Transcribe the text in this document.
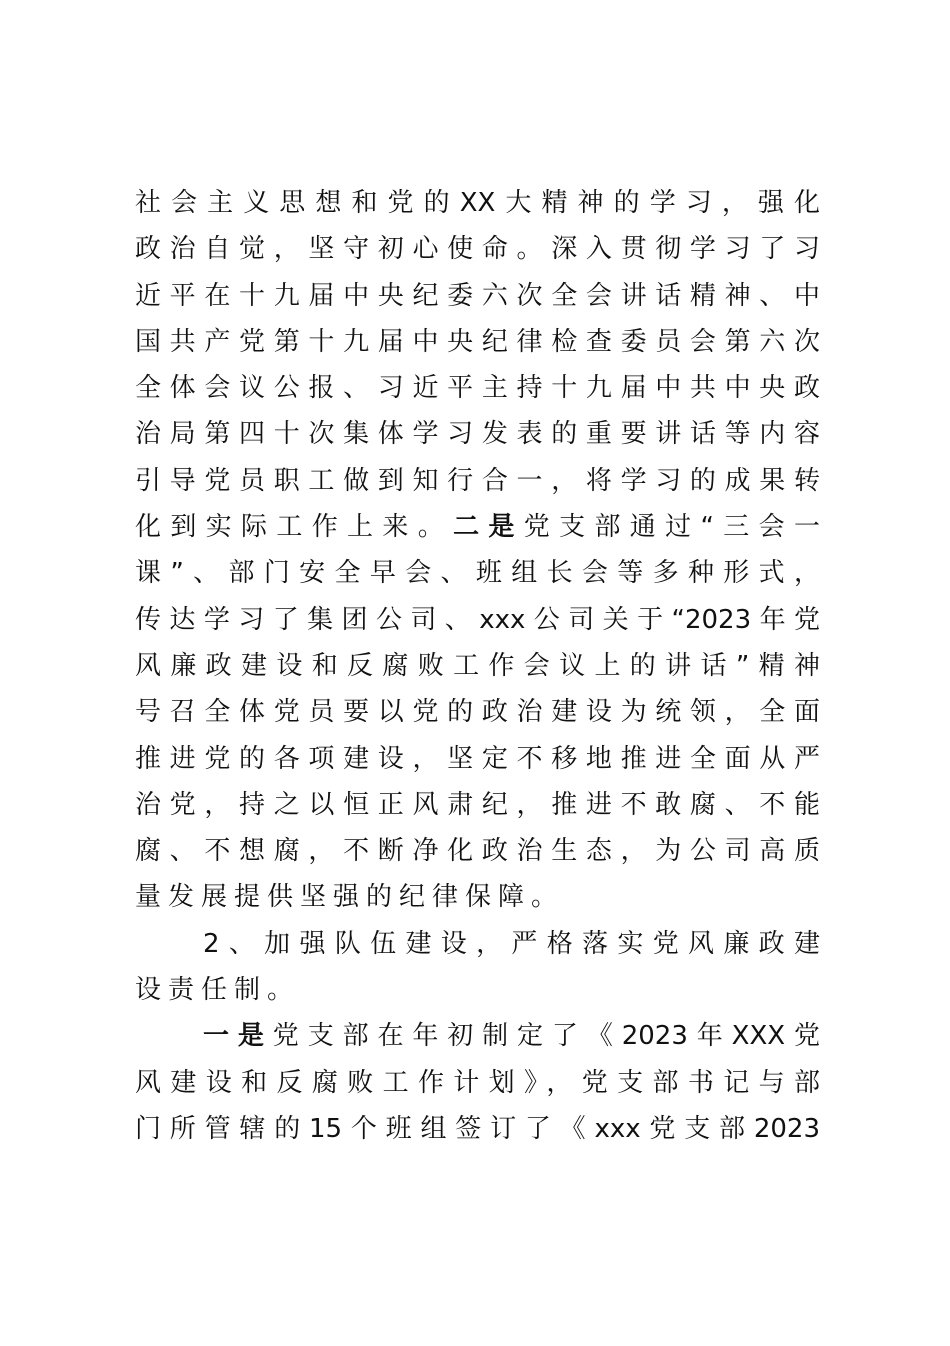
社会主义思想和党的XX大精神的学习，强化
政治自觉，坚守初心使命。深入贯彻学习了习
近平在十九届中央纪委六次全会讲话精神、中
国共产党第十九届中央纪律检查委员会第六次
全体会议公报、习近平主持十九届中共中央政
治局第四十次集体学习发表的重要讲话等内容
引导党员职工做到知行合一，将学习的成果转
化到实际工作上来。二是党支部通过“三会一
课”、部门安全早会、班组长会等多种形式，
传达学习了集团公司、xxx公司关于“2023年党
风廉政建设和反腐败工作会议上的讲话”精神
号召全体党员要以党的政治建设为统领，全面
推进党的各项建设，坚定不移地推进全面从严
治党，持之以恒正风肃纪，推进不敢腐、不能
腐、不想腐，不断净化政治生态，为公司高质
量发展提供坚强的纪律保障。
2、加强队伍建设，严格落实党风廉政建
设责任制。
一是党支部在年初制定了《2023年XXX党
风建设和反腐败工作计划》，党支部书记与部
门所管辖的15个班组签订了《xxx党支部2023
